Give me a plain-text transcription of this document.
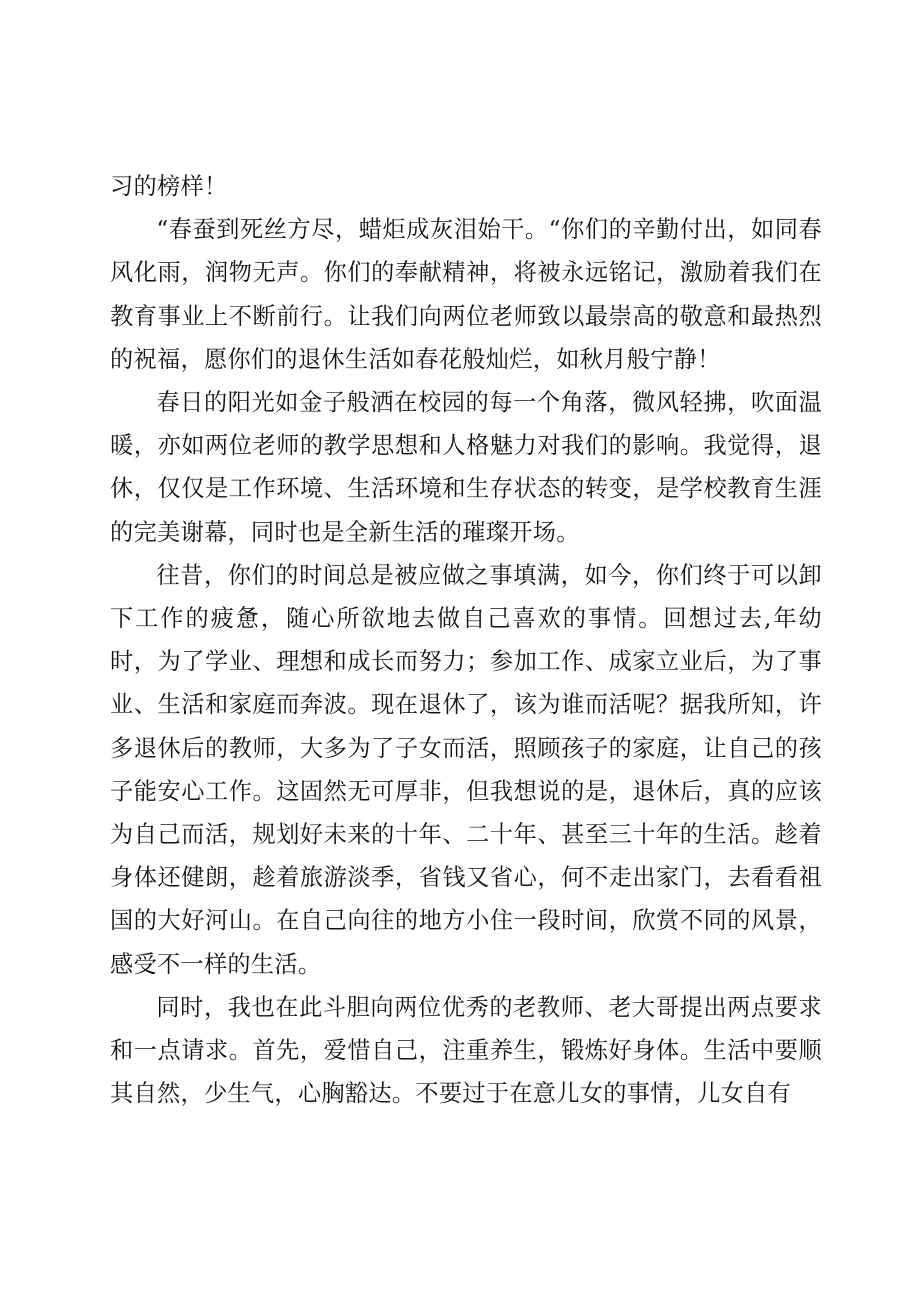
习的榜样！

“春蚕到死丝方尽，蜡炬成灰泪始干。“你们的辛勤付出，如同春风化雨，润物无声。你们的奉献精神，将被永远铭记，激励着我们在教育事业上不断前行。让我们向两位老师致以最崇高的敬意和最热烈的祝福，愿你们的退休生活如春花般灿烂，如秋月般宁静！

春日的阳光如金子般洒在校园的每一个角落，微风轻拂，吹面温暖，亦如两位老师的教学思想和人格魅力对我们的影响。我觉得，退休，仅仅是工作环境、生活环境和生存状态的转变，是学校教育生涯的完美谢幕，同时也是全新生活的璀璨开场。

往昔，你们的时间总是被应做之事填满，如今，你们终于可以卸下工作的疲惫，随心所欲地去做自己喜欢的事情。回想过去,年幼时，为了学业、理想和成长而努力；参加工作、成家立业后，为了事业、生活和家庭而奔波。现在退休了，该为谁而活呢？据我所知，许多退休后的教师，大多为了子女而活，照顾孩子的家庭，让自己的孩子能安心工作。这固然无可厚非，但我想说的是，退休后，真的应该为自己而活，规划好未来的十年、二十年、甚至三十年的生活。趁着身体还健朗，趁着旅游淡季，省钱又省心，何不走出家门，去看看祖国的大好河山。在自己向往的地方小住一段时间，欣赏不同的风景，感受不一样的生活。

同时，我也在此斗胆向两位优秀的老教师、老大哥提出两点要求和一点请求。首先，爱惜自己，注重养生，锻炼好身体。生活中要顺其自然，少生气，心胸豁达。不要过于在意儿女的事情，儿女自有
